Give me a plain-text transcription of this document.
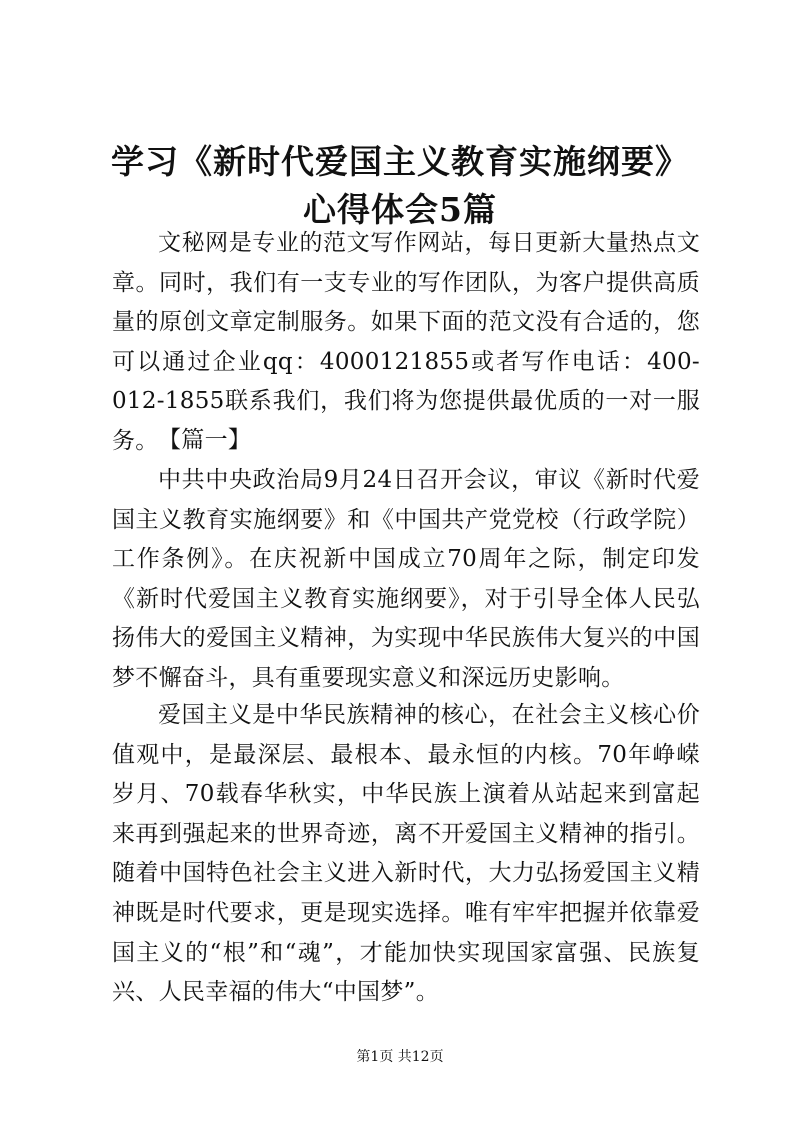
学习《新时代爱国主义教育实施纲要》心得体会5篇
文秘网是专业的范文写作网站，每日更新大量热点文章。同时，我们有一支专业的写作团队，为客户提供高质量的原创文章定制服务。如果下面的范文没有合适的，您可以通过企业qq：4000121855或者写作电话：400-012-1855联系我们，我们将为您提供最优质的一对一服务。 【篇一】
中共中央政治局9月24日召开会议，审议《新时代爱国主义教育实施纲要》和《中国共产党党校（行政学院）工作条例》。在庆祝新中国成立70周年之际，制定印发《新时代爱国主义教育实施纲要》，对于引导全体人民弘扬伟大的爱国主义精神，为实现中华民族伟大复兴的中国梦不懈奋斗，具有重要现实意义和深远历史影响。
爱国主义是中华民族精神的核心，在社会主义核心价值观中，是最深层、最根本、最永恒的内核。70年峥嵘岁月、70载春华秋实，中华民族上演着从站起来到富起来再到强起来的世界奇迹，离不开爱国主义精神的指引。随着中国特色社会主义进入新时代，大力弘扬爱国主义精神既是时代要求，更是现实选择。唯有牢牢把握并依靠爱国主义的“根”和“魂”，才能加快实现国家富强、民族复兴、人民幸福的伟大“中国梦”。
第1页 共12页
